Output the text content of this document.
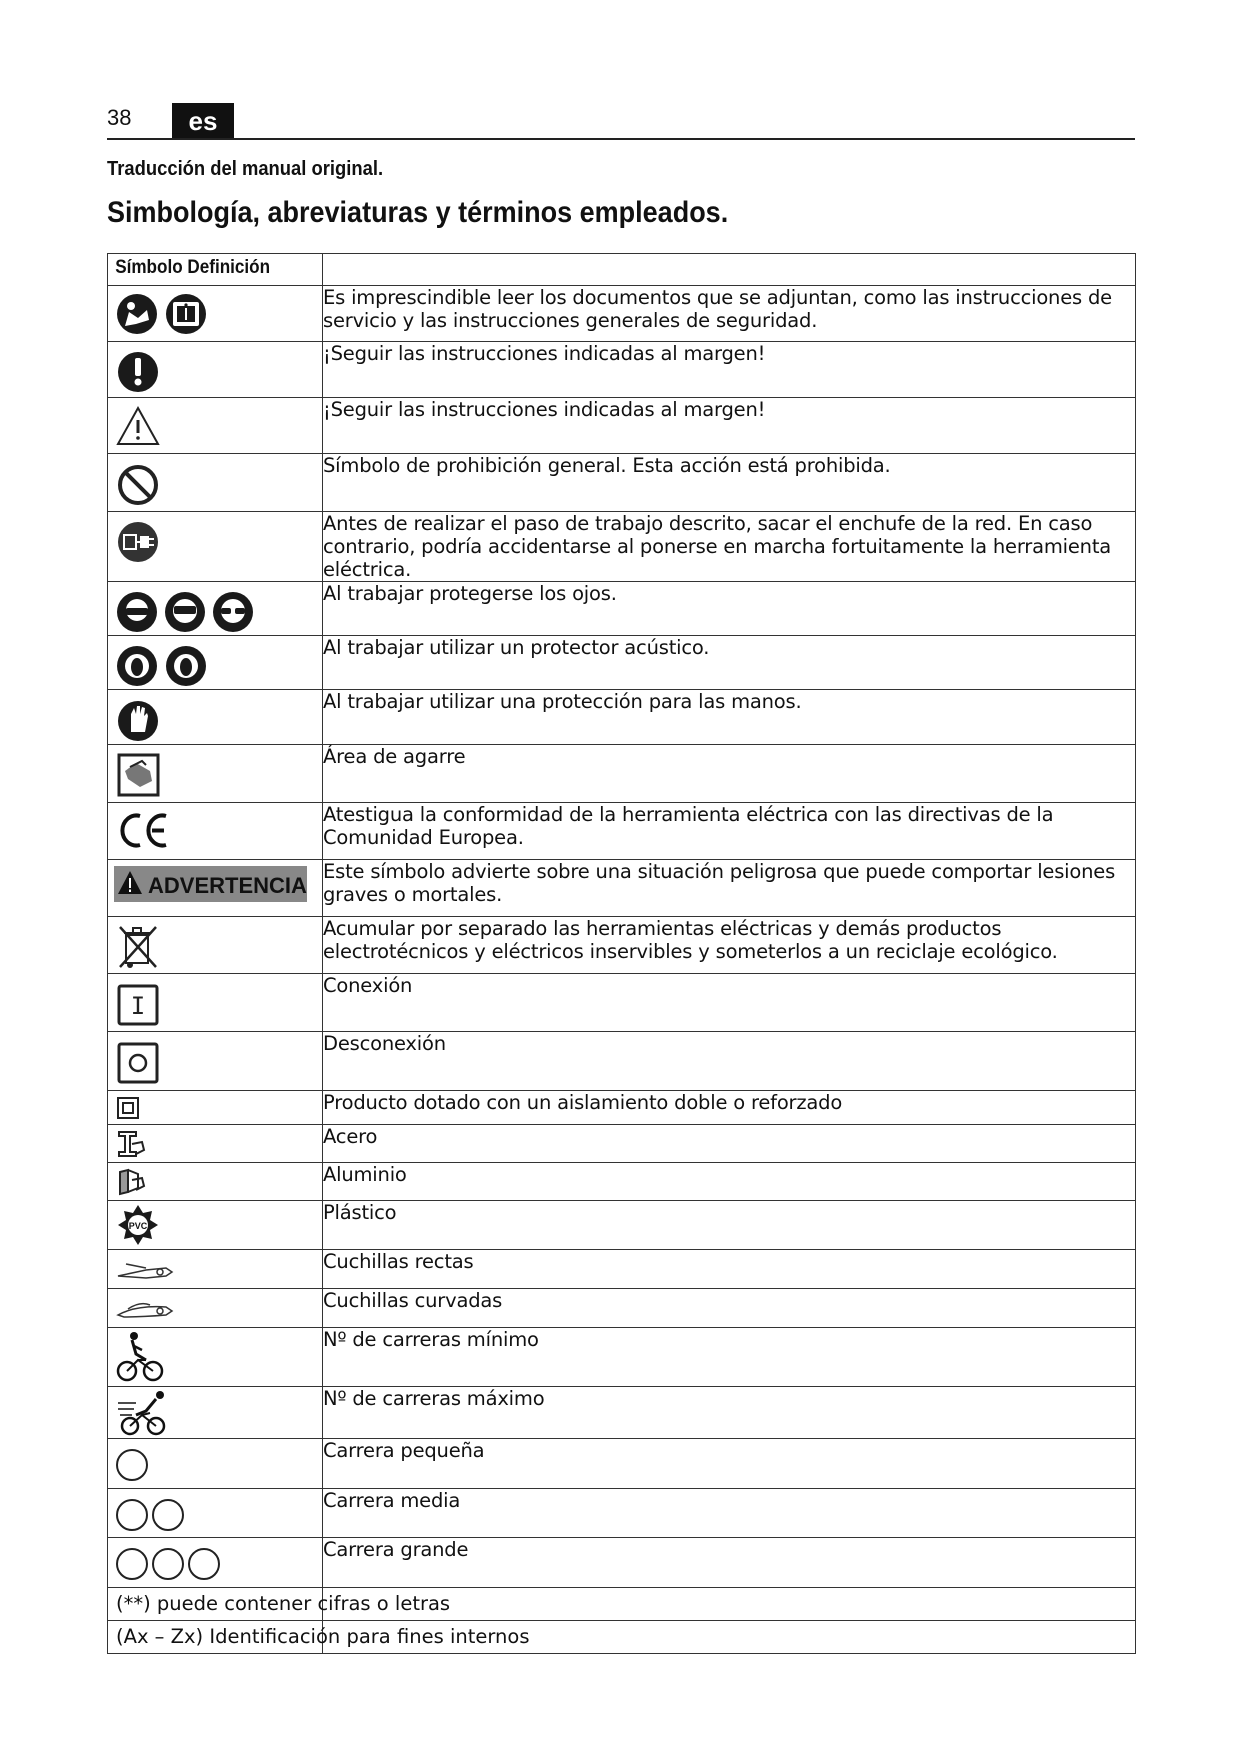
38	es
Traducción del manual original.
Simbología, abreviaturas y términos empleados.
Símbolo Definición	

	Es imprescindible leer los documentos que se adjuntan, como las instrucciones de servicio y las instrucciones generales de seguridad.

	¡Seguir las instrucciones indicadas al margen!

	¡Seguir las instrucciones indicadas al margen!

	Símbolo de prohibición general. Esta acción está prohibida.

	Antes de realizar el paso de trabajo descrito, sacar el enchufe de la red. En caso contrario, podría accidentarse al ponerse en marcha fortuitamente la herramienta eléctrica.

	Al trabajar protegerse los ojos.

	Al trabajar utilizar un protector acústico.

	Al trabajar utilizar una protección para las manos.

	Área de agarre

	Atestigua la conformidad de la herramienta eléctrica con las directivas de la Comunidad Europea.

ADVERTENCIA	Este símbolo advierte sobre una situación peligrosa que puede comportar lesiones graves o mortales.

	Acumular por separado las herramientas eléctricas y demás productos electrotécnicos y eléctricos inservibles y someterlos a un reciclaje ecológico.

I	Conexión

	Desconexión

	Producto dotado con un aislamiento doble o reforzado

	Acero

	Aluminio

PVC	Plástico

	Cuchillas rectas

	Cuchillas curvadas

	Nº de carreras mínimo

	Nº de carreras máximo

	Carrera pequeña

	Carrera media

	Carrera grande

(**) puede contener cifras o letras	

(Ax – Zx) Identificación para fines internos	
